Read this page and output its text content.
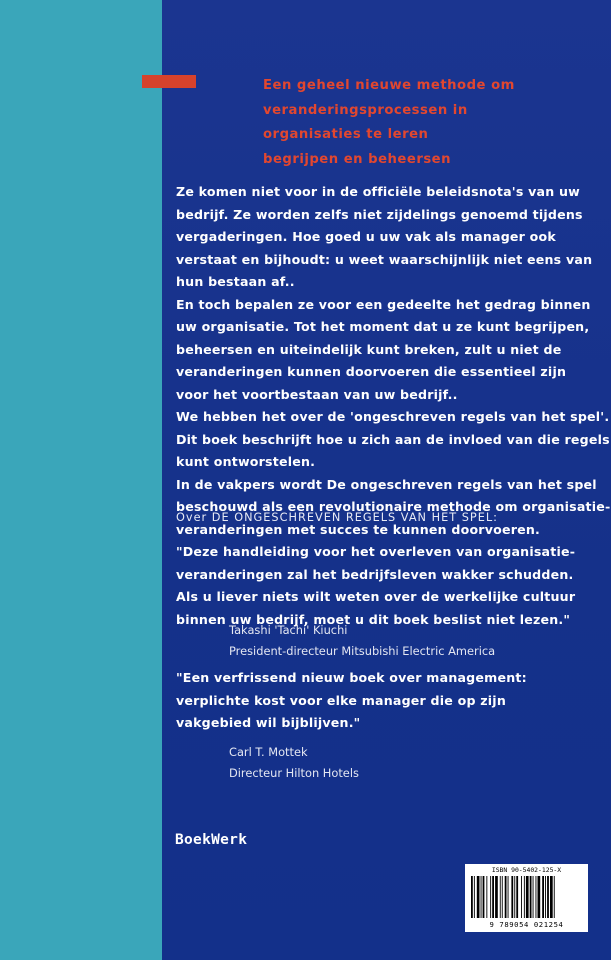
Een geheel nieuwe methode om
veranderingsprocessen in
organisaties te leren
begrijpen en beheersen
Ze komen niet voor in de officiële beleidsnota's van uw
bedrijf. Ze worden zelfs niet zijdelings genoemd tijdens
vergaderingen. Hoe goed u uw vak als manager ook
verstaat en bijhoudt: u weet waarschijnlijk niet eens van
hun bestaan af..
En toch bepalen ze voor een gedeelte het gedrag binnen
uw organisatie. Tot het moment dat u ze kunt begrijpen,
beheersen en uiteindelijk kunt breken, zult u niet de
veranderingen kunnen doorvoeren die essentieel zijn
voor het voortbestaan van uw bedrijf..
We hebben het over de 'ongeschreven regels van het spel'.
Dit boek beschrijft hoe u zich aan de invloed van die regels
kunt ontworstelen.
In de vakpers wordt De ongeschreven regels van het spel
beschouwd als een revolutionaire methode om organisatie-
veranderingen met succes te kunnen doorvoeren.
Over DE ONGESCHREVEN REGELS VAN HET SPEL:
"Deze handleiding voor het overleven van organisatie-
veranderingen zal het bedrijfsleven wakker schudden.
Als u liever niets wilt weten over de werkelijke cultuur
binnen uw bedrijf, moet u dit boek beslist niet lezen."
Takashi 'Tachi' Kiuchi
President-directeur Mitsubishi Electric America
"Een verfrissend nieuw boek over management:
verplichte kost voor elke manager die op zijn
vakgebied wil bijblijven."
Carl T. Mottek
Directeur Hilton Hotels
BoekWerk
ISBN 90-5402-125-X
9 789054 021254
